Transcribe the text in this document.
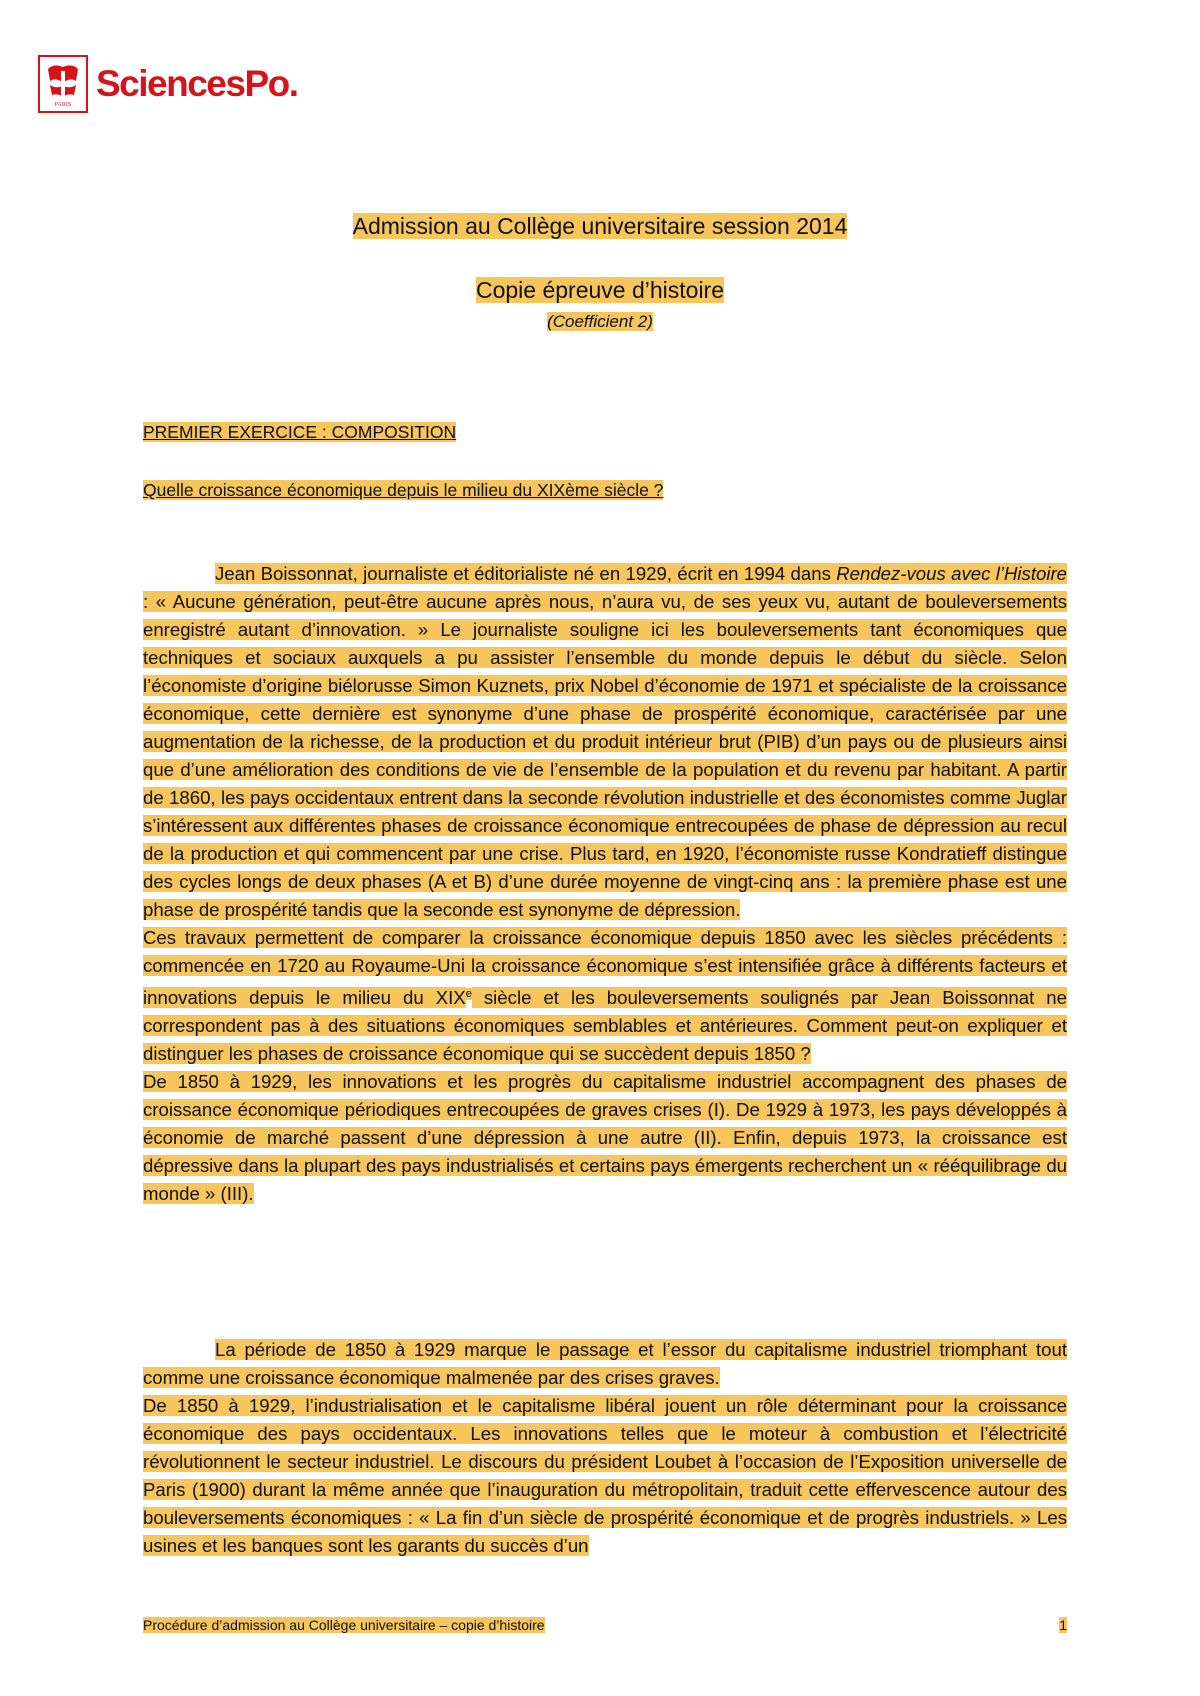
PARIS
SciencesPo.
Admission au Collège universitaire session 2014
Copie épreuve d’histoire
(Coefficient 2)
PREMIER EXERCICE : COMPOSITION
Quelle croissance économique depuis le milieu du XIXème siècle ?

Jean Boissonnat, journaliste et éditorialiste né en 1929, écrit en 1994 dans Rendez-vous avec l’Histoire : « Aucune génération, peut-être aucune après nous, n’aura vu, de ses yeux vu, autant de bouleversements enregistré autant d’innovation. » Le journaliste souligne ici les bouleversements tant économiques que techniques et sociaux auxquels a pu assister l’ensemble du monde depuis le début du siècle. Selon l’économiste d’origine biélorusse Simon Kuznets, prix Nobel d’économie de 1971 et spécialiste de la croissance économique, cette dernière est synonyme d’une phase de prospérité économique, caractérisée par une augmentation de la richesse, de la production et du produit intérieur brut (PIB) d’un pays ou de plusieurs ainsi que d’une amélioration des conditions de vie de l’ensemble de la population et du revenu par habitant. A partir de 1860, les pays occidentaux entrent dans la seconde révolution industrielle et des économistes comme Juglar s’intéressent aux différentes phases de croissance économique entrecoupées de phase de dépression au recul de la production et qui commencent par une crise. Plus tard, en 1920, l’économiste russe Kondratieff distingue des cycles longs de deux phases (A et B) d’une durée moyenne de vingt-cinq ans : la première phase est une phase de prospérité tandis que la seconde est synonyme de dépression.
Ces travaux permettent de comparer la croissance économique depuis 1850 avec les siècles précédents : commencée en 1720 au Royaume-Uni la croissance économique s’est intensifiée grâce à différents facteurs et innovations depuis le milieu du XIXe siècle et les bouleversements soulignés par Jean Boissonnat ne correspondent pas à des situations économiques semblables et antérieures. Comment peut-on expliquer et distinguer les phases de croissance économique qui se succèdent depuis 1850 ?
De 1850 à 1929, les innovations et les progrès du capitalisme industriel accompagnent des phases de croissance économique périodiques entrecoupées de graves crises (I). De 1929 à 1973, les pays développés à économie de marché passent d’une dépression à une autre (II). Enfin, depuis 1973, la croissance est dépressive dans la plupart des pays industrialisés et certains pays émergents recherchent un « rééquilibrage du monde » (III).

La période de 1850 à 1929 marque le passage et l’essor du capitalisme industriel triomphant tout comme une croissance économique malmenée par des crises graves.
De 1850 à 1929, l’industrialisation et le capitalisme libéral jouent un rôle déterminant pour la croissance économique des pays occidentaux. Les innovations telles que le moteur à combustion et l’électricité révolutionnent le secteur industriel. Le discours du président Loubet à l’occasion de l’Exposition universelle de Paris (1900) durant la même année que l’inauguration du métropolitain, traduit cette effervescence autour des bouleversements économiques : « La fin d’un siècle de prospérité économique et de progrès industriels. » Les usines et les banques sont les garants du succès d’un

Procédure d’admission au Collège universitaire – copie d’histoire	1
